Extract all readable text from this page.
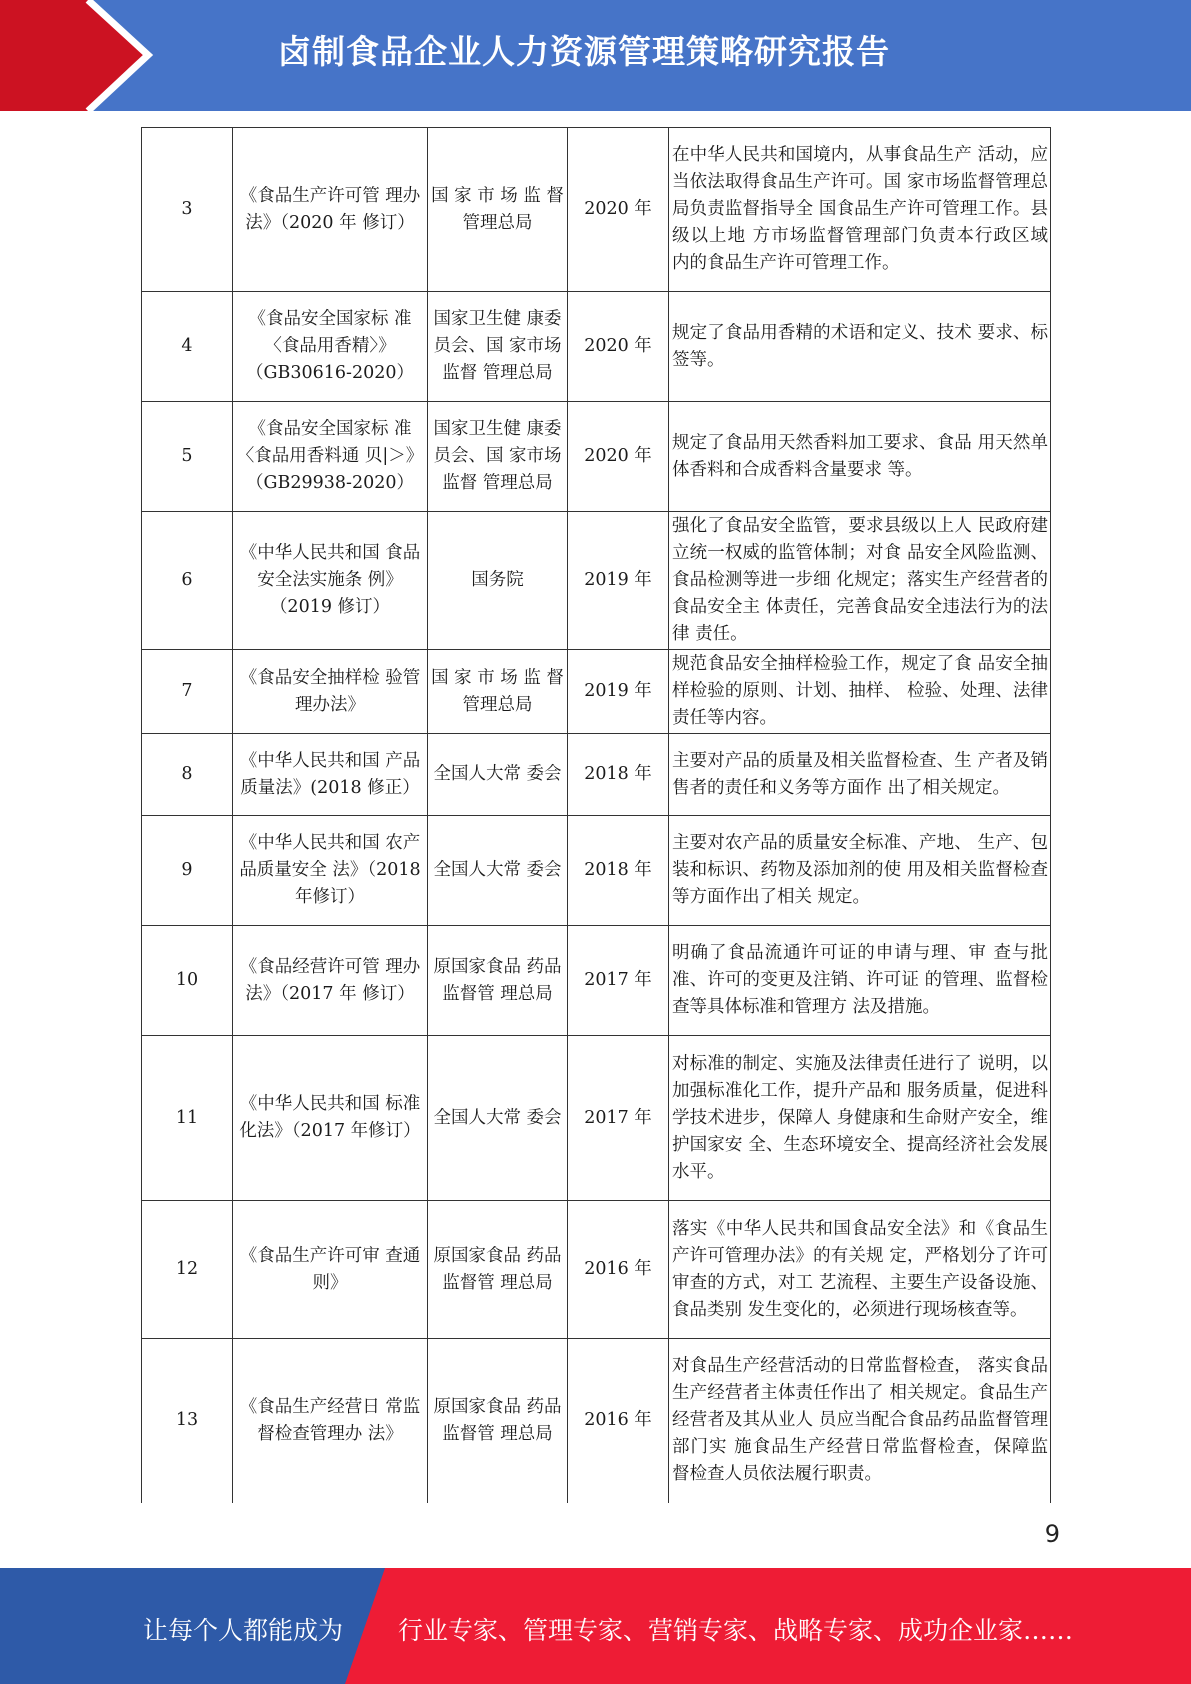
卤制食品企业人力资源管理策略研究报告
3	《食品生产许可管 理办法》（2020 年 修订）	国 家 市 场 监 督管理总局	2020 年	在中华人民共和国境内，从事食品生产 活动，应当依法取得食品生产许可。国 家市场监督管理总局负责监督指导全 国食品生产许可管理工作。县级以上地 方市场监督管理部门负责本行政区域 内的食品生产许可管理工作。
4	《食品安全国家标 准〈食品用香精〉》（GB30616-2020）	国家卫生健 康委员会、国 家市场监督 管理总局	2020 年	规定了食品用香精的术语和定义、技术 要求、标签等。
5	《食品安全国家标 准〈食品用香料通 贝|＞》（GB29938-2020）	国家卫生健 康委员会、国 家市场监督 管理总局	2020 年	规定了食品用天然香料加工要求、食品 用天然单体香料和合成香料含量要求 等。
6	《中华人民共和国 食品安全法实施条 例》（2019 修订）	国务院	2019 年	强化了食品安全监管，要求县级以上人 民政府建立统一权威的监管体制；对食 品安全风险监测、食品检测等进一步细 化规定；落实生产经营者的食品安全主 体责任，完善食品安全违法行为的法律 责任。
7	《食品安全抽样检 验管理办法》	国 家 市 场 监 督管理总局	2019 年	规范食品安全抽样检验工作，规定了食 品安全抽样检验的原则、计划、抽样、 检验、处理、法律责任等内容。
8	《中华人民共和国 产品质量法》(2018 修正）	全国人大常 委会	2018 年	主要对产品的质量及相关监督检查、生 产者及销售者的责任和义务等方面作 出了相关规定。
9	《中华人民共和国 农产品质量安全 法》（2018 年修订）	全国人大常 委会	2018 年	主要对农产品的质量安全标准、产地、 生产、包装和标识、药物及添加剂的使 用及相关监督检查等方面作出了相关 规定。
10	《食品经营许可管 理办法》（2017 年 修订）	原国家食品 药品监督管 理总局	2017 年	明确了食品流通许可证的申请与理、审 查与批准、许可的变更及注销、许可证 的管理、监督检查等具体标准和管理方 法及措施。
11	《中华人民共和国 标准化法》（2017 年修订）	全国人大常 委会	2017 年	对标准的制定、实施及法律责任进行了 说明，以加强标准化工作，提升产品和 服务质量，促进科学技术进步，保障人 身健康和生命财产安全，维护国家安 全、生态环境安全、提高经济社会发展 水平。
12	《食品生产许可审 查通则》	原国家食品 药品监督管 理总局	2016 年	落实《中华人民共和国食品安全法》和《食品生产许可管理办法》的有关规 定，严格划分了许可审查的方式，对工 艺流程、主要生产设备设施、食品类别 发生变化的，必须进行现场核查等。
13	《食品生产经营日 常监督检查管理办 法》	原国家食品 药品监督管 理总局	2016 年	对食品生产经营活动的日常监督检查， 落实食品生产经营者主体责任作出了 相关规定。食品生产经营者及其从业人 员应当配合食品药品监督管理部门实 施食品生产经营日常监督检查，保障监 督检查人员依法履行职责。
9
让每个人都能成为 行业专家、管理专家、营销专家、战略专家、成功企业家……
